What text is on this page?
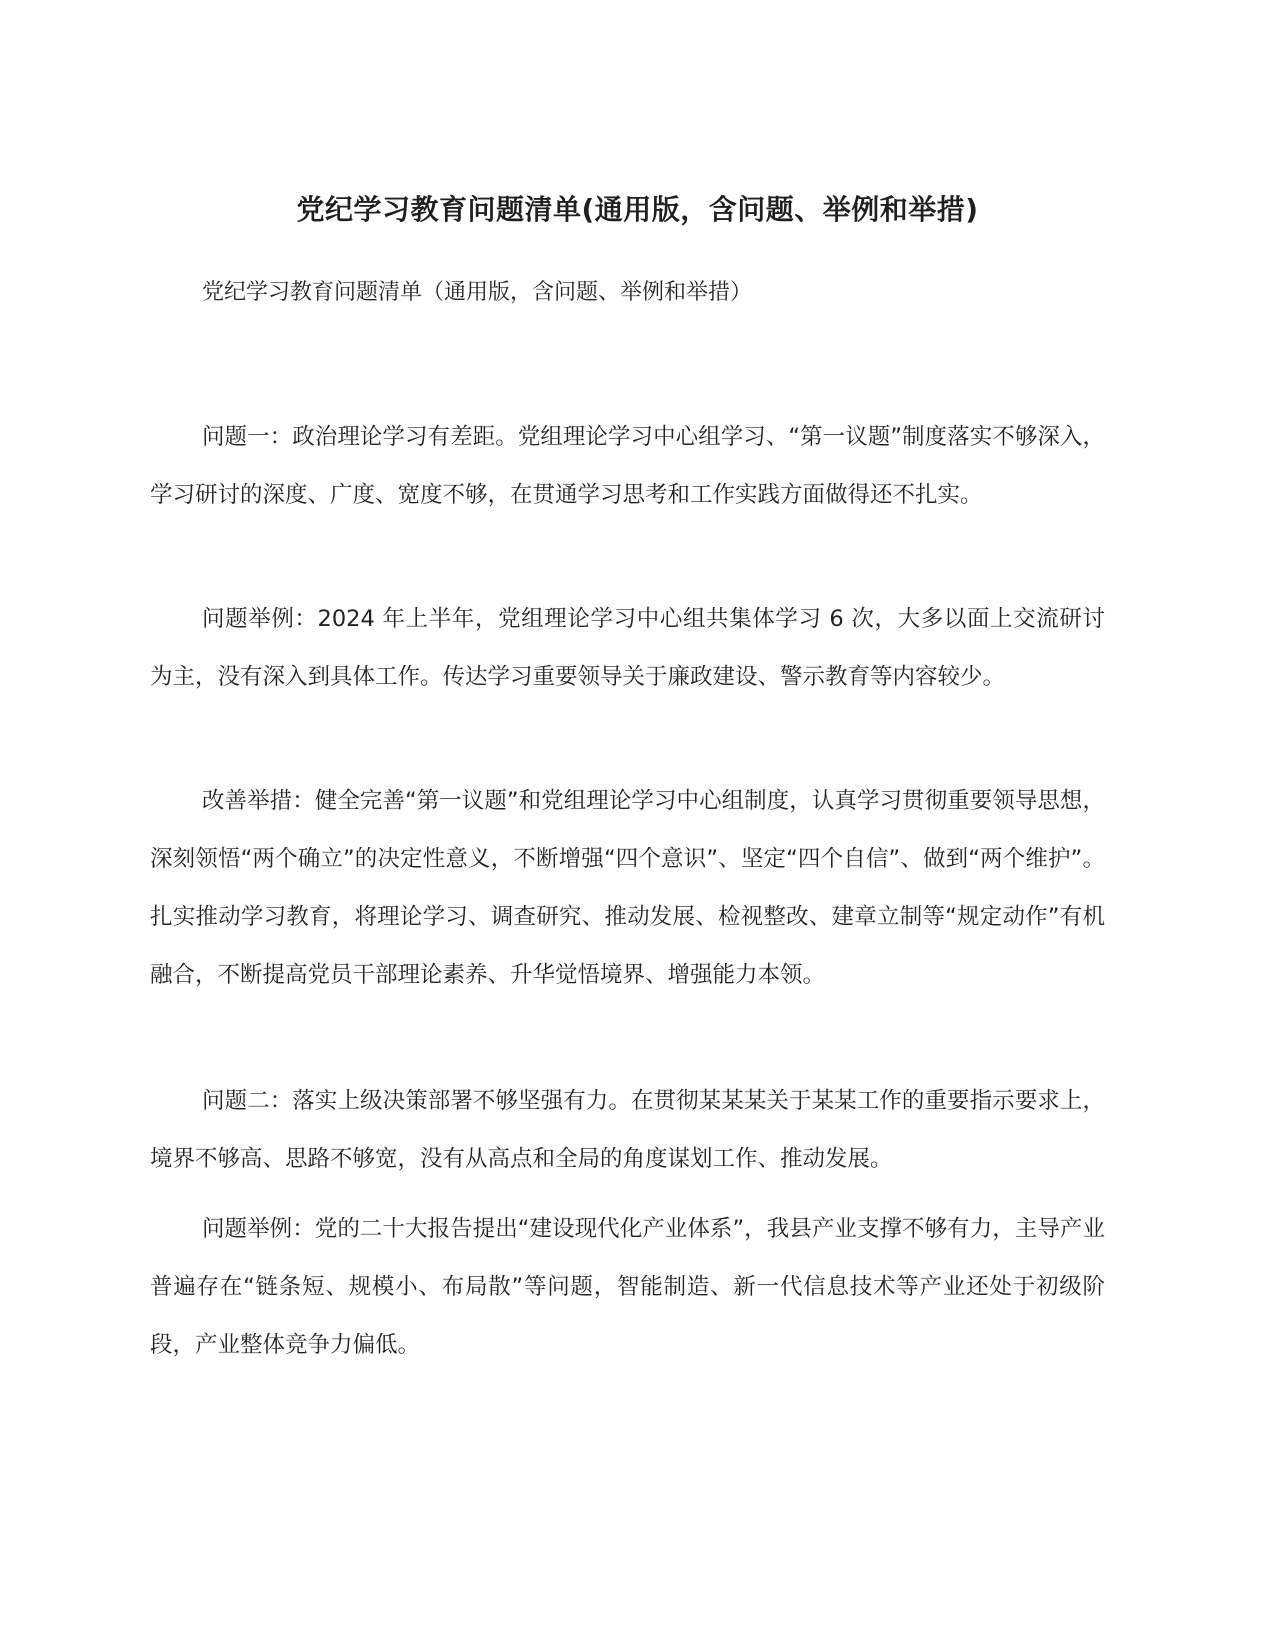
党纪学习教育问题清单(通用版，含问题、举例和举措)
党纪学习教育问题清单（通用版，含问题、举例和举措）

问题一：政治理论学习有差距。党组理论学习中心组学习、“第一议题”制度落实不够深入，学习研讨的深度、广度、宽度不够，在贯通学习思考和工作实践方面做得还不扎实。

问题举例：2024 年上半年，党组理论学习中心组共集体学习 6 次，大多以面上交流研讨为主，没有深入到具体工作。传达学习重要领导关于廉政建设、警示教育等内容较少。

改善举措：健全完善“第一议题”和党组理论学习中心组制度，认真学习贯彻重要领导思想，深刻领悟“两个确立”的决定性意义，不断增强“四个意识”、坚定“四个自信”、做到“两个维护”。扎实推动学习教育，将理论学习、调查研究、推动发展、检视整改、建章立制等“规定动作”有机融合，不断提高党员干部理论素养、升华觉悟境界、增强能力本领。

问题二：落实上级决策部署不够坚强有力。在贯彻某某某关于某某工作的重要指示要求上，境界不够高、思路不够宽，没有从高点和全局的角度谋划工作、推动发展。

问题举例：党的二十大报告提出“建设现代化产业体系”，我县产业支撑不够有力，主导产业普遍存在“链条短、规模小、布局散”等问题，智能制造、新一代信息技术等产业还处于初级阶段，产业整体竞争力偏低。
